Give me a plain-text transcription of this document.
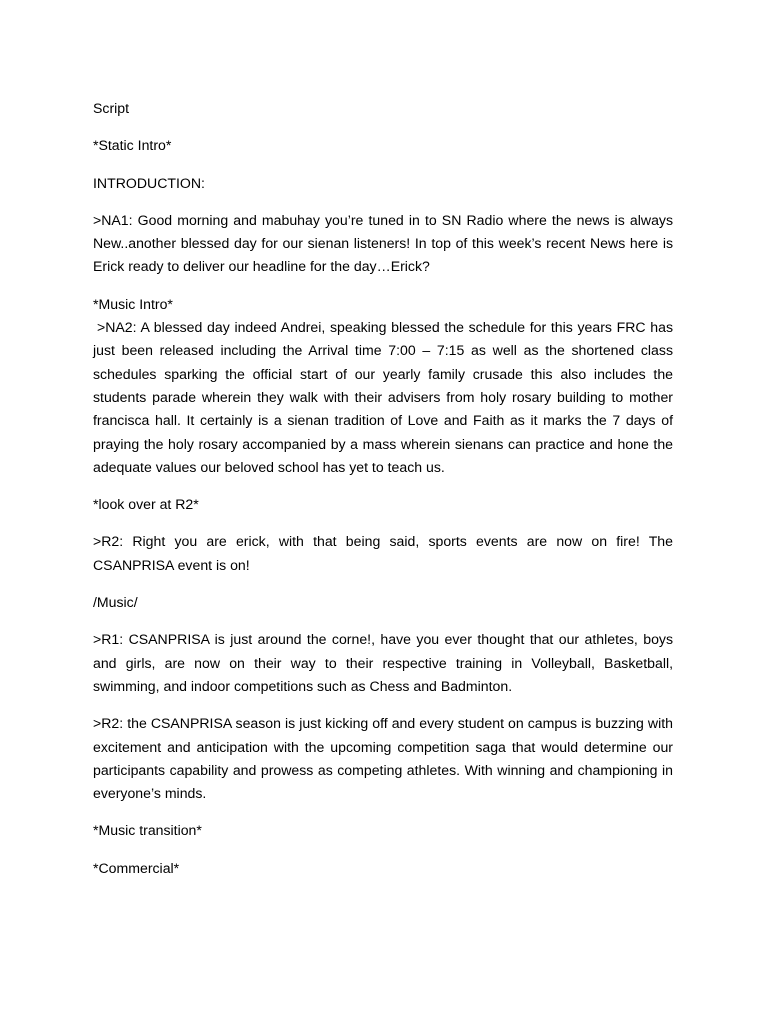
Script

*Static Intro*

INTRODUCTION:

>NA1: Good morning and mabuhay you’re tuned in to SN Radio where the news is always New..another blessed day for our sienan listeners! In top of this week’s recent News here is Erick ready to deliver our headline for the day…Erick?

*Music Intro*

>NA2: A blessed day indeed Andrei, speaking blessed the schedule for this years FRC has just been released including the Arrival time 7:00 – 7:15 as well as the shortened class schedules sparking the official start of our yearly family crusade this also includes the students parade wherein they walk with their advisers from holy rosary building to mother francisca hall. It certainly is a sienan tradition of Love and Faith as it marks the 7 days of praying the holy rosary accompanied by a mass wherein sienans can practice and hone the adequate values our beloved school has yet to teach us.

*look over at R2*

>R2: Right you are erick, with that being said, sports events are now on fire! The CSANPRISA event is on!

/Music/

>R1: CSANPRISA is just around the corne!, have you ever thought that our athletes, boys and girls, are now on their way to their respective training in Volleyball, Basketball, swimming, and indoor competitions such as Chess and Badminton.

>R2: the CSANPRISA season is just kicking off and every student on campus is buzzing with excitement and anticipation with the upcoming competition saga that would determine our participants capability and prowess as competing athletes. With winning and championing in everyone’s minds.

*Music transition*

*Commercial*
